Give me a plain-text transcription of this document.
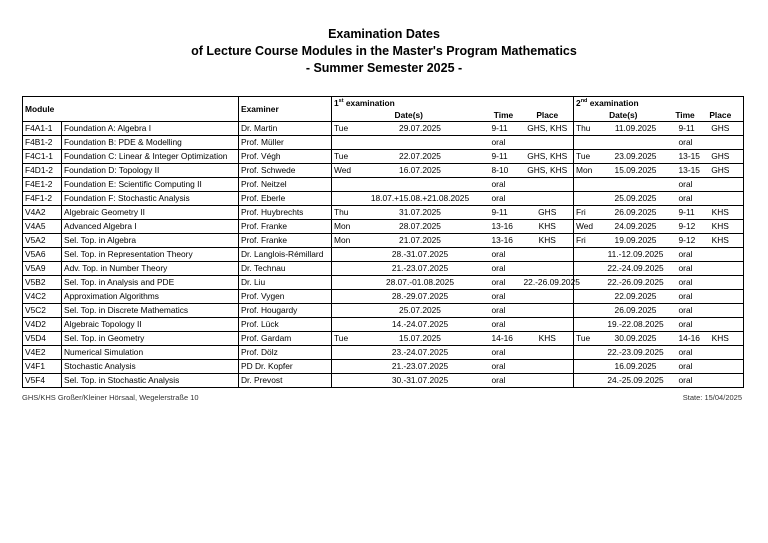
Examination Dates
of Lecture Course Modules in the Master's Program Mathematics
- Summer Semester 2025 -
Module		Examiner	1st examination				2nd examination			
			Date(s)		Time	Place	Date(s)		Time	Place
F4A1-1	Foundation A: Algebra I	Dr. Martin	Tue	29.07.2025	9-11	GHS, KHS	Thu	11.09.2025	9-11	GHS
F4B1-2	Foundation B: PDE & Modelling	Prof. Müller			oral				oral	
F4C1-1	Foundation C: Linear & Integer Optimization	Prof. Végh	Tue	22.07.2025	9-11	GHS, KHS	Tue	23.09.2025	13-15	GHS
F4D1-2	Foundation D: Topology II	Prof. Schwede	Wed	16.07.2025	8-10	GHS, KHS	Mon	15.09.2025	13-15	GHS
F4E1-2	Foundation E: Scientific Computing II	Prof. Neitzel			oral				oral	
F4F1-2	Foundation F: Stochastic Analysis	Prof. Eberle		18.07.+15.08.+21.08.2025	oral			25.09.2025	oral	
V4A2	Algebraic Geometry II	Prof. Huybrechts	Thu	31.07.2025	9-11	GHS	Fri	26.09.2025	9-11	KHS
V4A5	Advanced Algebra I	Prof. Franke	Mon	28.07.2025	13-16	KHS	Wed	24.09.2025	9-12	KHS
V5A2	Sel. Top. in Algebra	Prof. Franke	Mon	21.07.2025	13-16	KHS	Fri	19.09.2025	9-12	KHS
V5A6	Sel. Top. in Representation Theory	Dr. Langlois-Rémillard		28.-31.07.2025	oral			11.-12.09.2025	oral	
V5A9	Adv. Top. in Number Theory	Dr. Technau		21.-23.07.2025	oral			22.-24.09.2025	oral	
V5B2	Sel. Top. in Analysis and PDE	Dr. Liu		28.07.-01.08.2025	oral	22.-26.09.2025		22.-26.09.2025	oral	
V4C2	Approximation Algorithms	Prof. Vygen		28.-29.07.2025	oral			22.09.2025	oral	
V5C2	Sel. Top. in Discrete Mathematics	Prof. Hougardy		25.07.2025	oral			26.09.2025	oral	
V4D2	Algebraic Topology II	Prof. Lück		14.-24.07.2025	oral			19.-22.08.2025	oral	
V5D4	Sel. Top. in Geometry	Prof. Gardam	Tue	15.07.2025	14-16	KHS	Tue	30.09.2025	14-16	KHS
V4E2	Numerical Simulation	Prof. Dölz		23.-24.07.2025	oral			22.-23.09.2025	oral	
V4F1	Stochastic Analysis	PD Dr. Kopfer		21.-23.07.2025	oral			16.09.2025	oral	
V5F4	Sel. Top. in Stochastic Analysis	Dr. Prevost		30.-31.07.2025	oral			24.-25.09.2025	oral	
GHS/KHS Großer/Kleiner Hörsaal, Wegelerstraße 10	State: 15/04/2025
